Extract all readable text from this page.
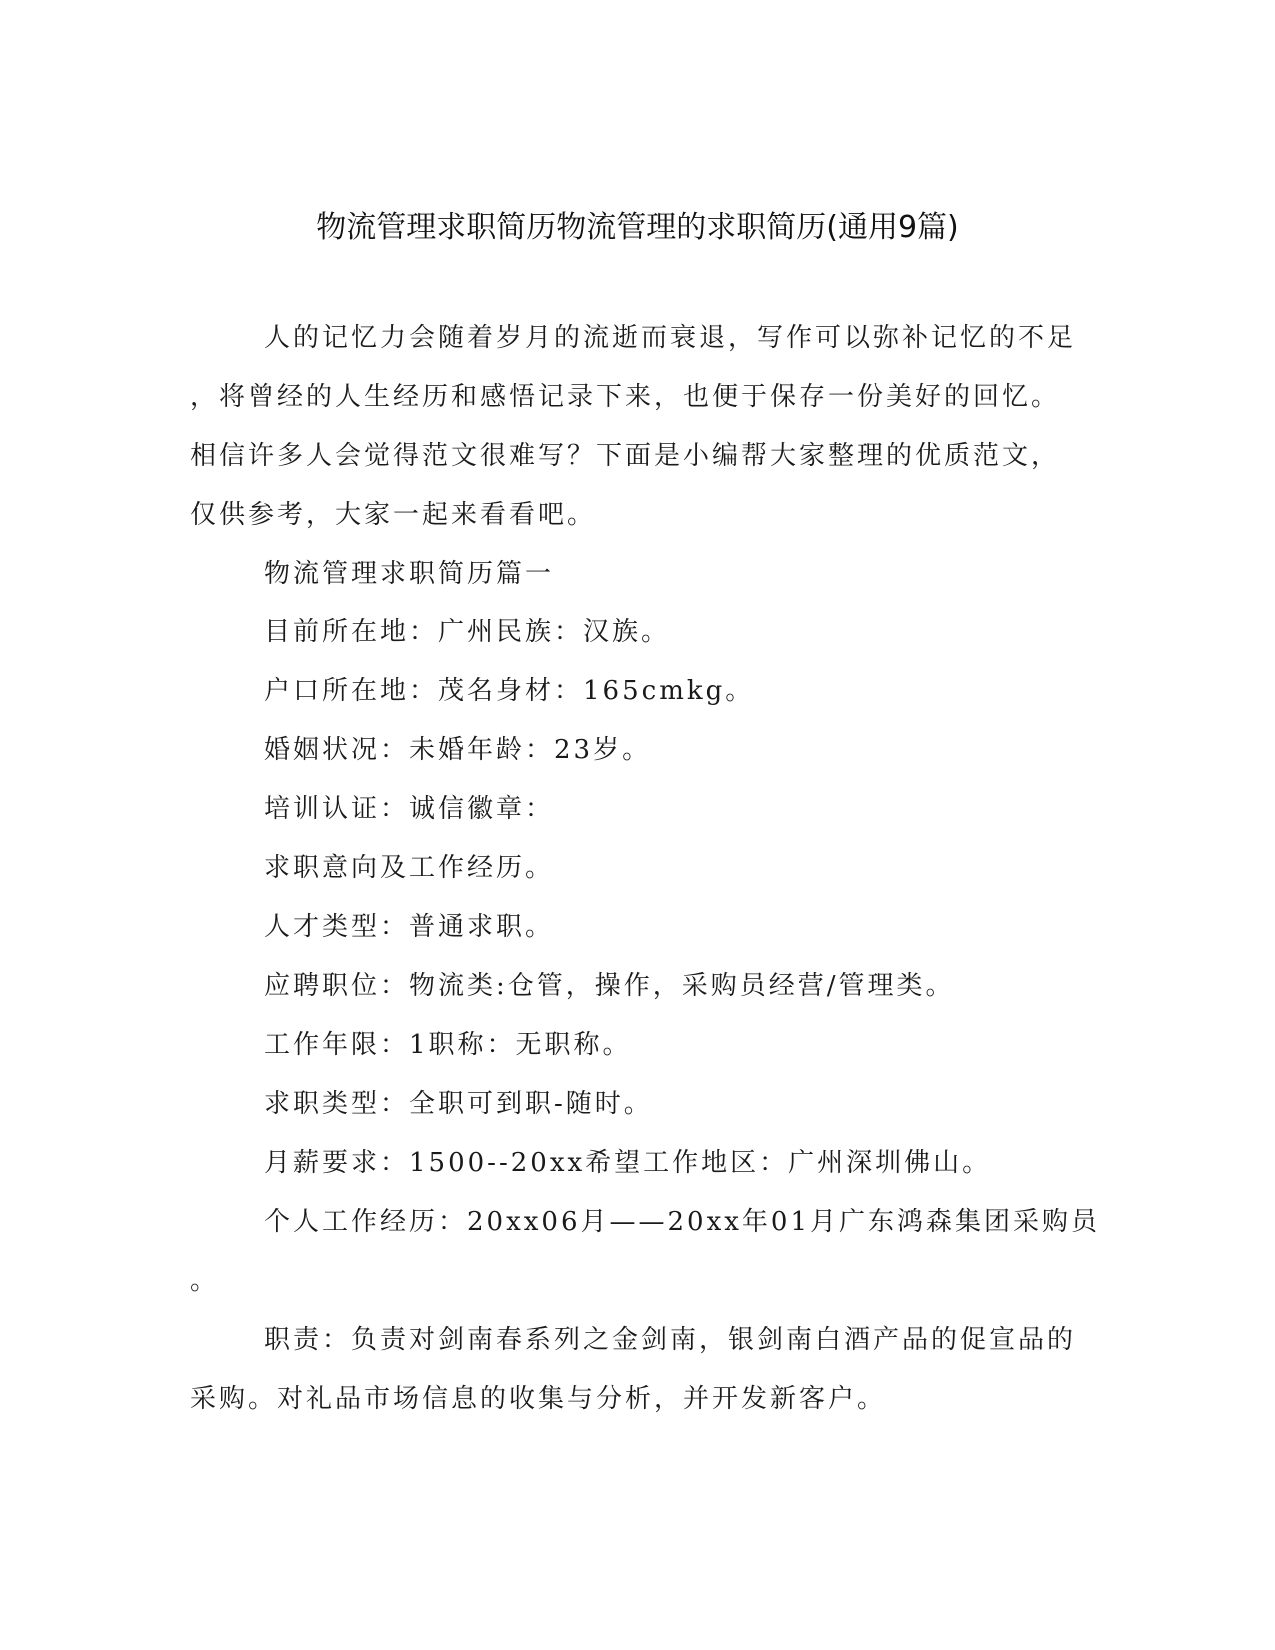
物流管理求职简历物流管理的求职简历(通用9篇)
人的记忆力会随着岁月的流逝而衰退，写作可以弥补记忆的不足
，将曾经的人生经历和感悟记录下来，也便于保存一份美好的回忆。
相信许多人会觉得范文很难写？下面是小编帮大家整理的优质范文，
仅供参考，大家一起来看看吧。
物流管理求职简历篇一
目前所在地：广州民族：汉族。
户口所在地：茂名身材：165cmkg。
婚姻状况：未婚年龄：23岁。
培训认证：诚信徽章：
求职意向及工作经历。
人才类型：普通求职。
应聘职位：物流类:仓管，操作，采购员经营/管理类。
工作年限：1职称：无职称。
求职类型：全职可到职-随时。
月薪要求：1500--20xx希望工作地区：广州深圳佛山。
个人工作经历：20xx06月——20xx年01月广东鸿森集团采购员
。
职责：负责对剑南春系列之金剑南，银剑南白酒产品的促宣品的
采购。对礼品市场信息的收集与分析，并开发新客户。
